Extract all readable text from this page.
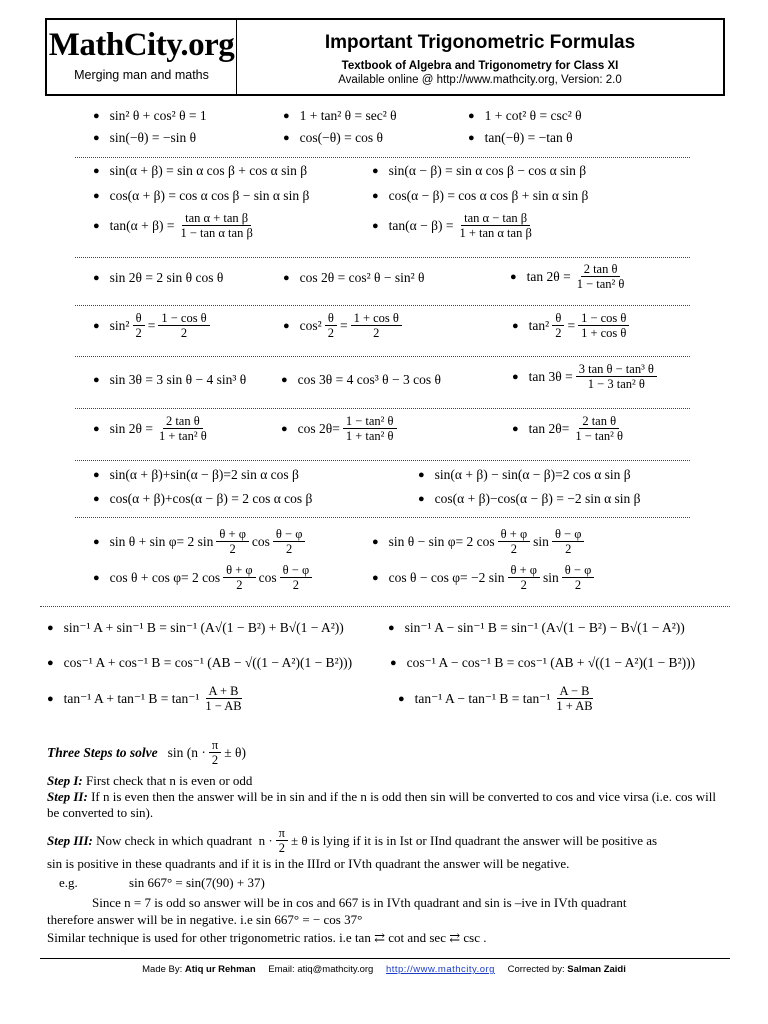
MathCity.org
Merging man and maths
Important Trigonometric Formulas
Textbook of Algebra and Trigonometry for Class XI
Available online @ http://www.mathcity.org, Version: 2.0
● sin² θ + cos² θ = 1	● 1 + tan² θ = sec² θ	● 1 + cot² θ = csc² θ
● sin(−θ) = −sin θ	● cos(−θ) = cos θ	● tan(−θ) = −tan θ
● sin(α + β) = sin α cos β + cos α sin β	● sin(α − β) = sin α cos β − cos α sin β
● cos(α + β) = cos α cos β − sin α sin β	● cos(α − β) = cos α cos β + sin α sin β
● $\tan(\alpha + \beta) = \frac{\text{tan α + tan β}}{\text{1 − tan α tan β}}$	● $\tan(\alpha - \beta) = \frac{\text{tan α − tan β}}{\text{1 + tan α tan β}}$
● sin 2θ = 2 sin θ cos θ	● cos 2θ = cos² θ − sin² θ	● $\tan 2\theta = \frac{\text{2 tan θ}}{\text{1 − tan² θ}}$
● $\sin^2 \frac{\theta}{2} = \frac{\text{1 − cos θ}}{2}$	● $\cos^2 \frac{\theta}{2} = \frac{\text{1 + cos θ}}{2}$	● $\tan^2 \frac{\theta}{2} = \frac{\text{1 − cos θ}}{\text{1 + cos θ}}$
● sin 3θ = 3 sin θ − 4 sin³ θ	● cos 3θ = 4 cos³ θ − 3 cos θ	● $\tan 3\theta = \frac{\text{3 tan θ − tan³ θ}}{\text{1 − 3 tan² θ}}$
● $\sin 2\theta = \frac{\text{2 tan θ}}{\text{1 + tan² θ}}$	● $\cos 2\theta= \frac{\text{1 − tan² θ}}{\text{1 + tan² θ}}$	● $\tan 2\theta= \frac{\text{2 tan θ}}{\text{1 − tan² θ}}$
● sin(α + β)+sin(α − β)=2 sin α cos β	● sin(α + β) − sin(α − β)=2 cos α sin β
● cos(α + β)+cos(α − β) = 2 cos α cos β	● cos(α + β)−cos(α − β) = −2 sin α sin β
● sin θ + sin φ= 2 $\sin \frac{\theta + \varphi}{2}$ $\cos \frac{\theta - \varphi}{2}$	● sin θ − sin φ= 2 $\cos \frac{\theta + \varphi}{2}$ $\sin \frac{\theta - \varphi}{2}$
● cos θ + cos φ= 2 $\cos \frac{\theta + \varphi}{2}$ $\cos \frac{\theta - \varphi}{2}$	● cos θ − cos φ= −2 $\sin \frac{\theta + \varphi}{2}$ $\sin \frac{\theta - \varphi}{2}$
● sin⁻¹ A + sin⁻¹ B = sin⁻¹ (A√(1 − B²) + B√(1 − A²))	● sin⁻¹ A − sin⁻¹ B = sin⁻¹ (A√(1 − B²) − B√(1 − A²))
● cos⁻¹ A + cos⁻¹ B = cos⁻¹ (AB − √((1 − A²)(1 − B²)))	● cos⁻¹ A − cos⁻¹ B = cos⁻¹ (AB + √((1 − A²)(1 − B²)))
● tan⁻¹ A + tan⁻¹ $B = \tan^{-1} \frac{A + B}{1 - AB}$	● tan⁻¹ A − tan⁻¹ $B = \tan^{-1} \frac{A - B}{1 + AB}$
Three Steps to solve $\sin (n \cdot \frac{\pi}{2} \pm \theta)$
Step I: First check that n is even or odd
Step II: If n is even then the answer will be in sin and if the n is odd then sin will be converted to cos and vice virsa (i.e. cos will be converted to sin).
Step III: Now check in which quadrant  $n \cdot \frac{\pi}{2} \pm \theta$ is lying if it is in Ist or IInd quadrant the answer will be positive as
sin is positive in these quadrants and if it is in the IIIrd or IVth quadrant the answer will be negative.
e.g.	sin 667° = sin(7(90) + 37)
Since n = 7 is odd so answer will be in cos and 667 is in IVth quadrant and sin is –ive in IVth quadrant
therefore answer will be in negative. i.e sin 667° = − cos 37°
Similar technique is used for other trigonometric ratios. i.e tan ⇄ cot and sec ⇄ csc .
Made By: Atiq ur Rehman Email: atiq@mathcity.org http://www.mathcity.org Corrected by: Salman Zaidi
